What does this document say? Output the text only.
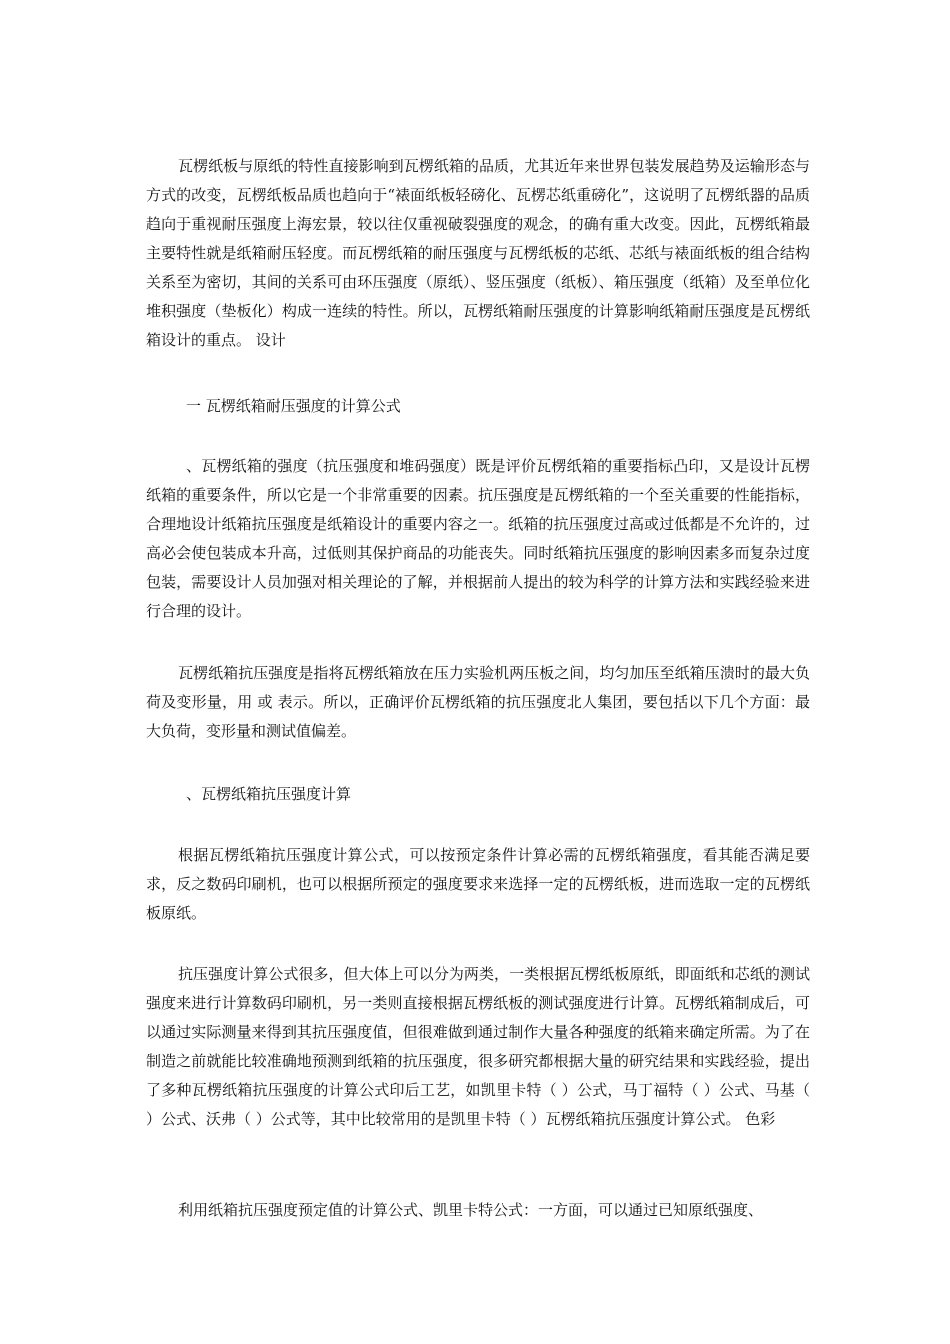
瓦楞纸板与原纸的特性直接影响到瓦楞纸箱的品质，尤其近年来世界包装发展趋势及运输形态与方式的改变，瓦楞纸板品质也趋向于“裱面纸板轻磅化、瓦楞芯纸重磅化”，这说明了瓦楞纸器的品质趋向于重视耐压强度上海宏景，较以往仅重视破裂强度的观念，的确有重大改变。因此，瓦楞纸箱最主要特性就是纸箱耐压轻度。而瓦楞纸箱的耐压强度与瓦楞纸板的芯纸、芯纸与裱面纸板的组合结构关系至为密切，其间的关系可由环压强度（原纸）、竖压强度（纸板）、箱压强度（纸箱）及至单位化堆积强度（垫板化）构成一连续的特性。所以，瓦楞纸箱耐压强度的计算影响纸箱耐压强度是瓦楞纸箱设计的重点。 设计

一 瓦楞纸箱耐压强度的计算公式

、瓦楞纸箱的强度（抗压强度和堆码强度）既是评价瓦楞纸箱的重要指标凸印，又是设计瓦楞纸箱的重要条件，所以它是一个非常重要的因素。抗压强度是瓦楞纸箱的一个至关重要的性能指标，合理地设计纸箱抗压强度是纸箱设计的重要内容之一。纸箱的抗压强度过高或过低都是不允许的，过高必会使包装成本升高，过低则其保护商品的功能丧失。同时纸箱抗压强度的影响因素多而复杂过度包装，需要设计人员加强对相关理论的了解，并根据前人提出的较为科学的计算方法和实践经验来进行合理的设计。

瓦楞纸箱抗压强度是指将瓦楞纸箱放在压力实验机两压板之间，均匀加压至纸箱压溃时的最大负荷及变形量，用 或 表示。所以，正确评价瓦楞纸箱的抗压强度北人集团，要包括以下几个方面：最大负荷，变形量和测试值偏差。

、瓦楞纸箱抗压强度计算

根据瓦楞纸箱抗压强度计算公式，可以按预定条件计算必需的瓦楞纸箱强度，看其能否满足要求，反之数码印刷机，也可以根据所预定的强度要求来选择一定的瓦楞纸板，进而选取一定的瓦楞纸板原纸。

抗压强度计算公式很多，但大体上可以分为两类，一类根据瓦楞纸板原纸，即面纸和芯纸的测试强度来进行计算数码印刷机，另一类则直接根据瓦楞纸板的测试强度进行计算。瓦楞纸箱制成后，可以通过实际测量来得到其抗压强度值，但很难做到通过制作大量各种强度的纸箱来确定所需。为了在制造之前就能比较准确地预测到纸箱的抗压强度，很多研究都根据大量的研究结果和实践经验，提出了多种瓦楞纸箱抗压强度的计算公式印后工艺，如凯里卡特（ ）公式，马丁福特（ ）公式、马基（ ）公式、沃弗（ ）公式等，其中比较常用的是凯里卡特（ ）瓦楞纸箱抗压强度计算公式。 色彩

利用纸箱抗压强度预定值的计算公式、凯里卡特公式：一方面，可以通过已知原纸强度、
